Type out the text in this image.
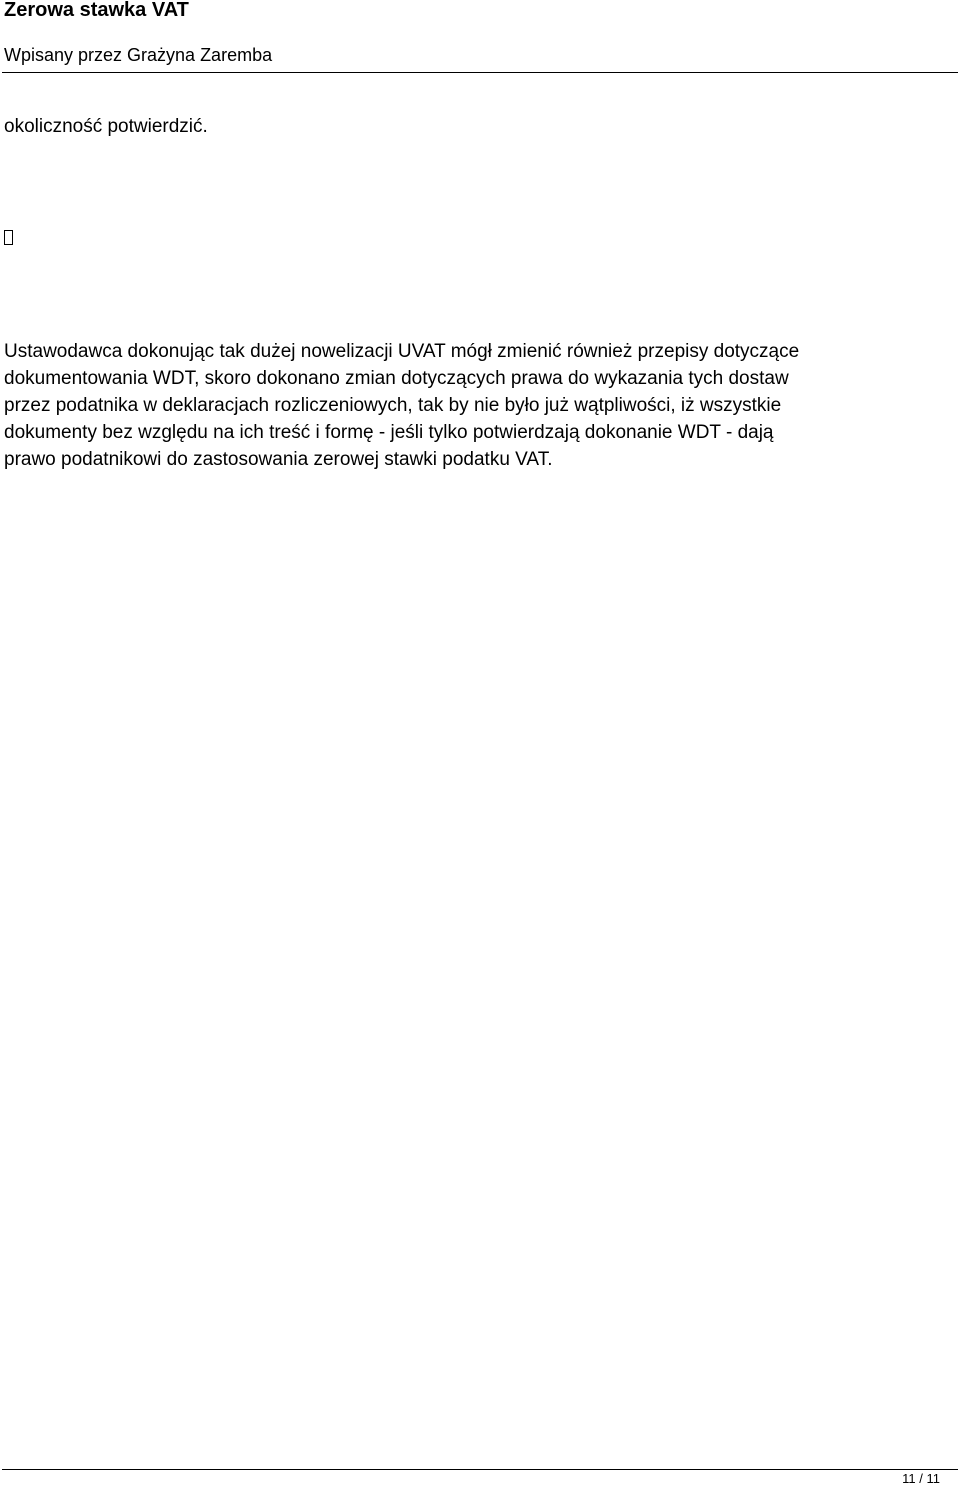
Zerowa stawka VAT
Wpisany przez Grażyna Zaremba
okoliczność potwierdzić.
Ustawodawca dokonując tak dużej nowelizacji UVAT mógł zmienić również przepisy dotyczące
dokumentowania WDT, skoro dokonano zmian dotyczących prawa do wykazania tych dostaw
przez podatnika w deklaracjach rozliczeniowych, tak by nie było już wątpliwości, iż wszystkie
dokumenty bez względu na ich treść i formę - jeśli tylko potwierdzają dokonanie WDT - dają
prawo podatnikowi do zastosowania zerowej stawki podatku VAT.
11 / 11
